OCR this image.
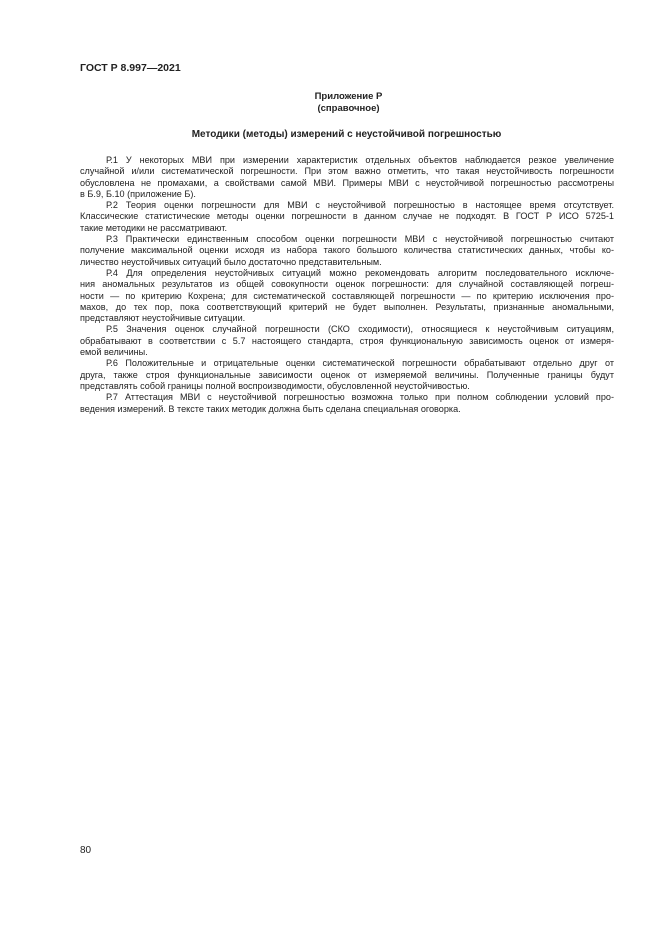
ГОСТ Р 8.997—2021
Приложение Р
(справочное)
Методики (методы) измерений с неустойчивой погрешностью
Р.1 У некоторых МВИ при измерении характеристик отдельных объектов наблюдается резкое увеличение
случайной и/или систематической погрешности. При этом важно отметить, что такая неустойчивость погрешности
обусловлена не промахами, а свойствами самой МВИ. Примеры МВИ с неустойчивой погрешностью рассмотрены
в Б.9, Б.10 (приложение Б).
Р.2 Теория оценки погрешности для МВИ с неустойчивой погрешностью в настоящее время отсутствует.
Классические статистические методы оценки погрешности в данном случае не подходят. В ГОСТ Р ИСО 5725-1
такие методики не рассматривают.
Р.3 Практически единственным способом оценки погрешности МВИ с неустойчивой погрешностью считают
получение максимальной оценки исходя из набора такого большого количества статистических данных, чтобы ко-
личество неустойчивых ситуаций было достаточно представительным.
Р.4 Для определения неустойчивых ситуаций можно рекомендовать алгоритм последовательного исключе-
ния аномальных результатов из общей совокупности оценок погрешности: для случайной составляющей погреш-
ности — по критерию Кохрена; для систематической составляющей погрешности — по критерию исключения про-
махов, до тех пор, пока соответствующий критерий не будет выполнен. Результаты, признанные аномальными,
представляют неустойчивые ситуации.
Р.5 Значения оценок случайной погрешности (СКО сходимости), относящиеся к неустойчивым ситуациям,
обрабатывают в соответствии с 5.7 настоящего стандарта, строя функциональную зависимость оценок от измеря-
емой величины.
Р.6 Положительные и отрицательные оценки систематической погрешности обрабатывают отдельно друг от
друга, также строя функциональные зависимости оценок от измеряемой величины. Полученные границы будут
представлять собой границы полной воспроизводимости, обусловленной неустойчивостью.
Р.7 Аттестация МВИ с неустойчивой погрешностью возможна только при полном соблюдении условий про-
ведения измерений. В тексте таких методик должна быть сделана специальная оговорка.
80
